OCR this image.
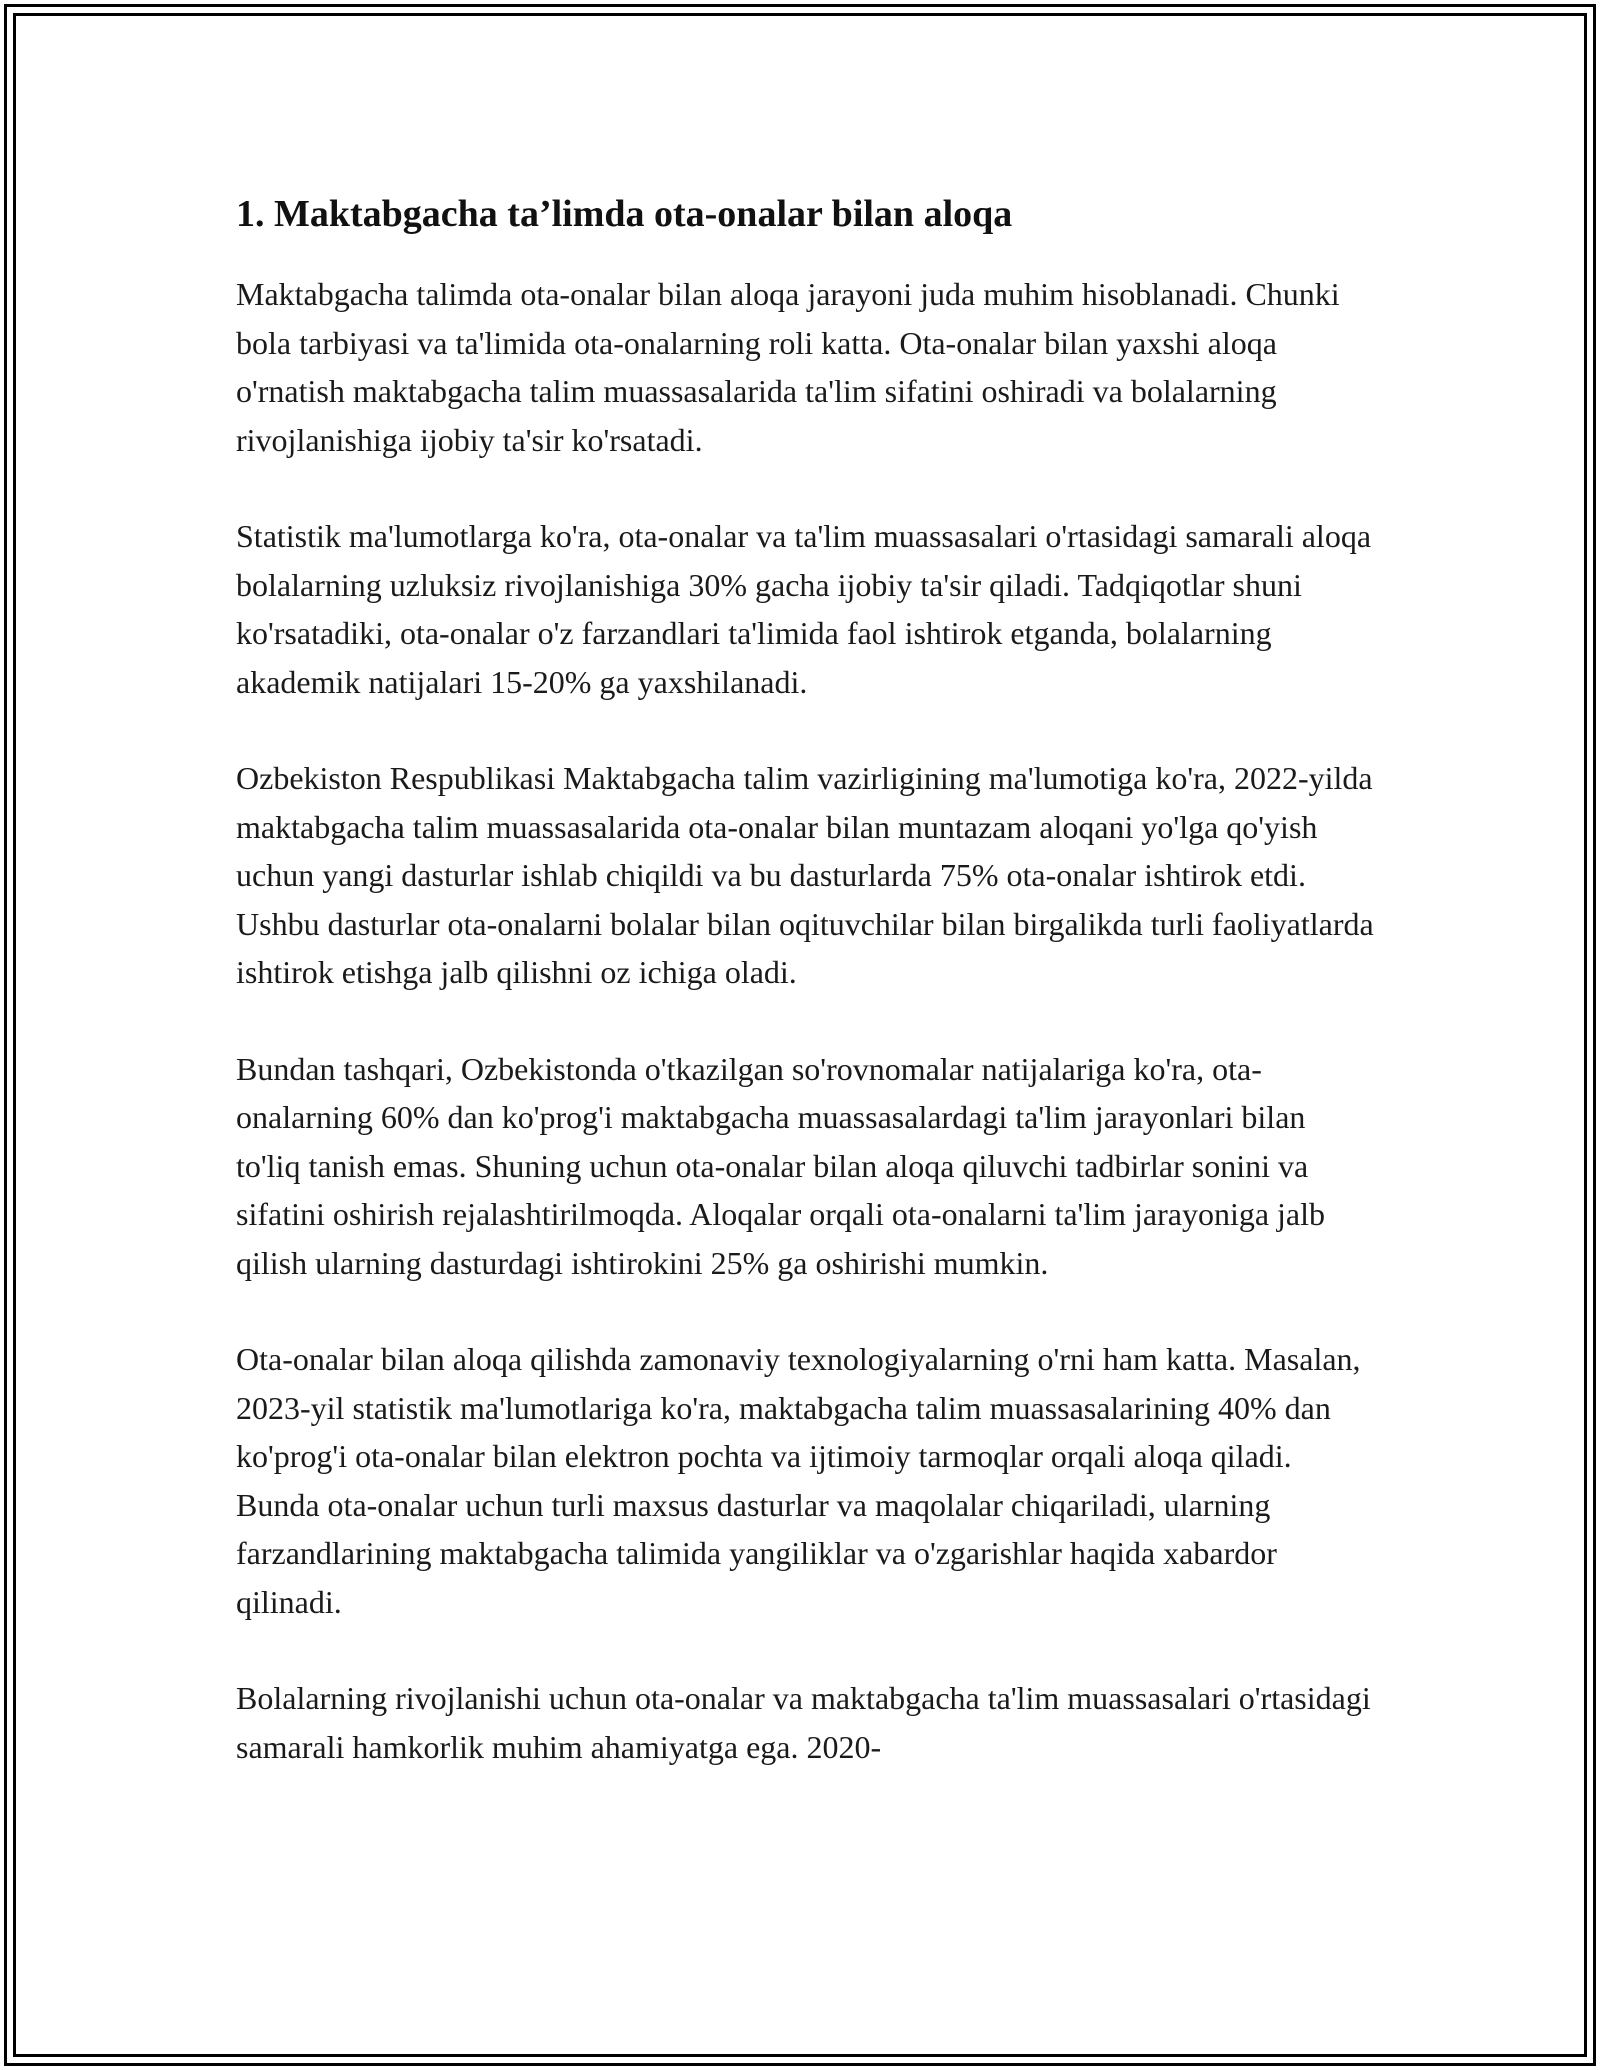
1. Maktabgacha ta’limda ota-onalar bilan aloqa

Maktabgacha talimda ota-onalar bilan aloqa jarayoni juda muhim hisoblanadi. Chunki bola tarbiyasi va ta'limida ota-onalarning roli katta. Ota-onalar bilan yaxshi aloqa o'rnatish maktabgacha talim muassasalarida ta'lim sifatini oshiradi va bolalarning rivojlanishiga ijobiy ta'sir ko'rsatadi.

Statistik ma'lumotlarga ko'ra, ota-onalar va ta'lim muassasalari o'rtasidagi samarali aloqa bolalarning uzluksiz rivojlanishiga 30% gacha ijobiy ta'sir qiladi. Tadqiqotlar shuni ko'rsatadiki, ota-onalar o'z farzandlari ta'limida faol ishtirok etganda, bolalarning akademik natijalari 15-20% ga yaxshilanadi.

Ozbekiston Respublikasi Maktabgacha talim vazirligining ma'lumotiga ko'ra, 2022-yilda maktabgacha talim muassasalarida ota-onalar bilan muntazam aloqani yo'lga qo'yish uchun yangi dasturlar ishlab chiqildi va bu dasturlarda 75% ota-onalar ishtirok etdi. Ushbu dasturlar ota-onalarni bolalar bilan oqituvchilar bilan birgalikda turli faoliyatlarda ishtirok etishga jalb qilishni oz ichiga oladi.

Bundan tashqari, Ozbekistonda o'tkazilgan so'rovnomalar natijalariga ko'ra, ota-onalarning 60% dan ko'prog'i maktabgacha muassasalardagi ta'lim jarayonlari bilan to'liq tanish emas. Shuning uchun ota-onalar bilan aloqa qiluvchi tadbirlar sonini va sifatini oshirish rejalashtirilmoqda. Aloqalar orqali ota-onalarni ta'lim jarayoniga jalb qilish ularning dasturdagi ishtirokini 25% ga oshirishi mumkin.

Ota-onalar bilan aloqa qilishda zamonaviy texnologiyalarning o'rni ham katta. Masalan, 2023-yil statistik ma'lumotlariga ko'ra, maktabgacha talim muassasalarining 40% dan ko'prog'i ota-onalar bilan elektron pochta va ijtimoiy tarmoqlar orqali aloqa qiladi. Bunda ota-onalar uchun turli maxsus dasturlar va maqolalar chiqariladi, ularning farzandlarining maktabgacha talimida yangiliklar va o'zgarishlar haqida xabardor qilinadi.

Bolalarning rivojlanishi uchun ota-onalar va maktabgacha ta'lim muassasalari o'rtasidagi samarali hamkorlik muhim ahamiyatga ega. 2020-
